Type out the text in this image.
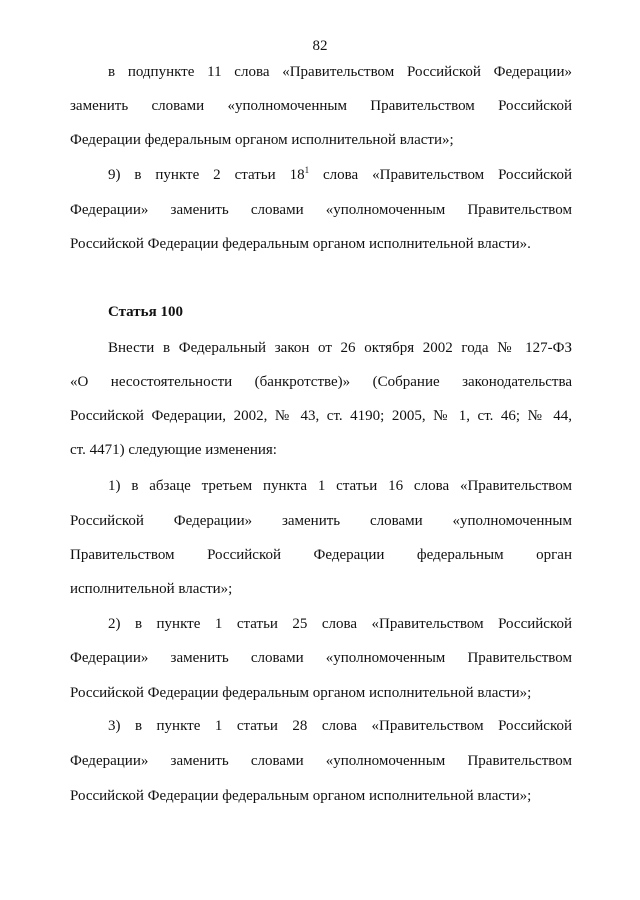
82
в подпункте 11 слова «Правительством Российской Федерации»
заменить словами «уполномоченным Правительством Российской
Федерации федеральным органом исполнительной власти»;
9) в пункте 2 статьи $18^1$ слова «Правительством Российской
Федерации» заменить словами «уполномоченным Правительством
Российской Федерации федеральным органом исполнительной власти».
Статья 100
Внести в Федеральный закон от 26 октября 2002 года № 127-ФЗ
«О несостоятельности (банкротстве)» (Собрание законодательства
Российской Федерации, 2002, № 43, ст. 4190; 2005, № 1, ст. 46; № 44,
ст. 4471) следующие изменения:
1) в абзаце третьем пункта 1 статьи 16 слова «Правительством
Российской Федерации» заменить словами «уполномоченным
Правительством Российской Федерации федеральным орган
исполнительной власти»;
2) в пункте 1 статьи 25 слова «Правительством Российской
Федерации» заменить словами «уполномоченным Правительством
Российской Федерации федеральным органом исполнительной власти»;
3) в пункте 1 статьи 28 слова «Правительством Российской
Федерации» заменить словами «уполномоченным Правительством
Российской Федерации федеральным органом исполнительной власти»;
